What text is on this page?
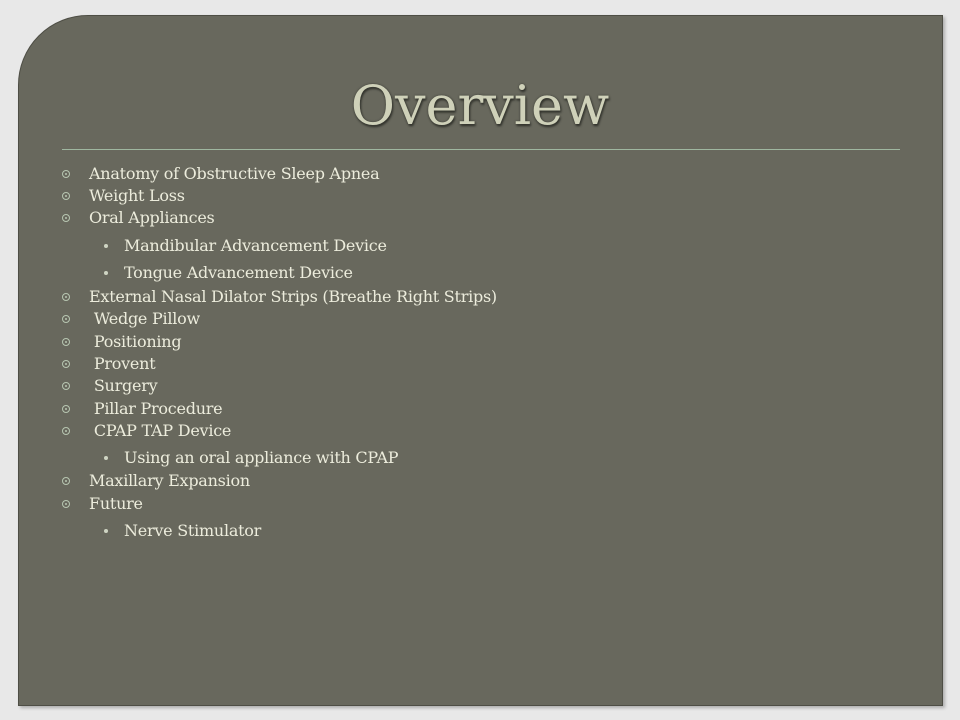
Overview
Anatomy of Obstructive Sleep Apnea
Weight Loss
Oral Appliances
Mandibular Advancement Device
Tongue Advancement Device
External Nasal Dilator Strips (Breathe Right Strips)
Wedge Pillow
Positioning
Provent
Surgery
Pillar Procedure
CPAP TAP Device
Using an oral appliance with CPAP
Maxillary Expansion
Future
Nerve Stimulator
